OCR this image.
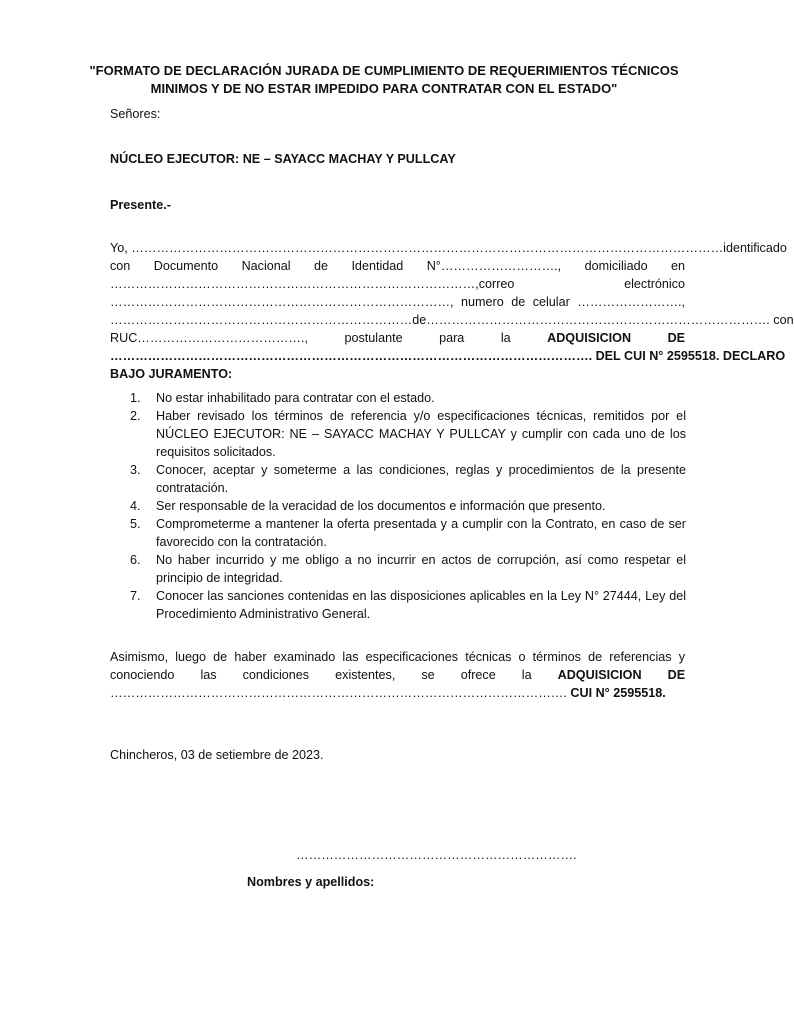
"FORMATO DE DECLARACIÓN JURADA DE CUMPLIMIENTO DE REQUERIMIENTOS TÉCNICOS
MINIMOS Y DE NO ESTAR IMPEDIDO PARA CONTRATAR CON EL ESTADO"
Señores:
NÚCLEO EJECUTOR: NE – SAYACC MACHAY Y PULLCAY
Presente.-
Yo, ……………………………………………………………………………………………………………………………identificado
con Documento Nacional de Identidad N°………………………., domiciliado en
……………………………………………………………………………,correo	electrónico
………………………………………………………………………, numero de celular …………………….,
………………………………………………………………de………………………………………………………………………. con
RUC………………………………….,	postulante	para	la	ADQUISICION	DE
……………………………………………………………………………………………………. DEL CUI N° 2595518. DECLARO
BAJO JURAMENTO:
1. No estar inhabilitado para contratar con el estado.
2. Haber revisado los términos de referencia y/o especificaciones técnicas, remitidos por el NÚCLEO EJECUTOR: NE – SAYACC MACHAY Y PULLCAY y cumplir con cada uno de los requisitos solicitados.
3. Conocer, aceptar y someterme a las condiciones, reglas y procedimientos de la presente contratación.
4. Ser responsable de la veracidad de los documentos e información que presento.
5. Comprometerme a mantener la oferta presentada y a cumplir con la Contrato, en caso de ser favorecido con la contratación.
6. No haber incurrido y me obligo a no incurrir en actos de corrupción, así como respetar el principio de integridad.
7. Conocer las sanciones contenidas en las disposiciones aplicables en la Ley N° 27444, Ley del Procedimiento Administrativo General.
Asimismo, luego de haber examinado las especificaciones técnicas o términos de referencias y
conociendo las condiciones existentes, se ofrece la ADQUISICION DE
………………………………………………………………………………………………. CUI N° 2595518.
Chincheros, 03 de setiembre de 2023.
………………………………………………………….
Nombres y apellidos:
